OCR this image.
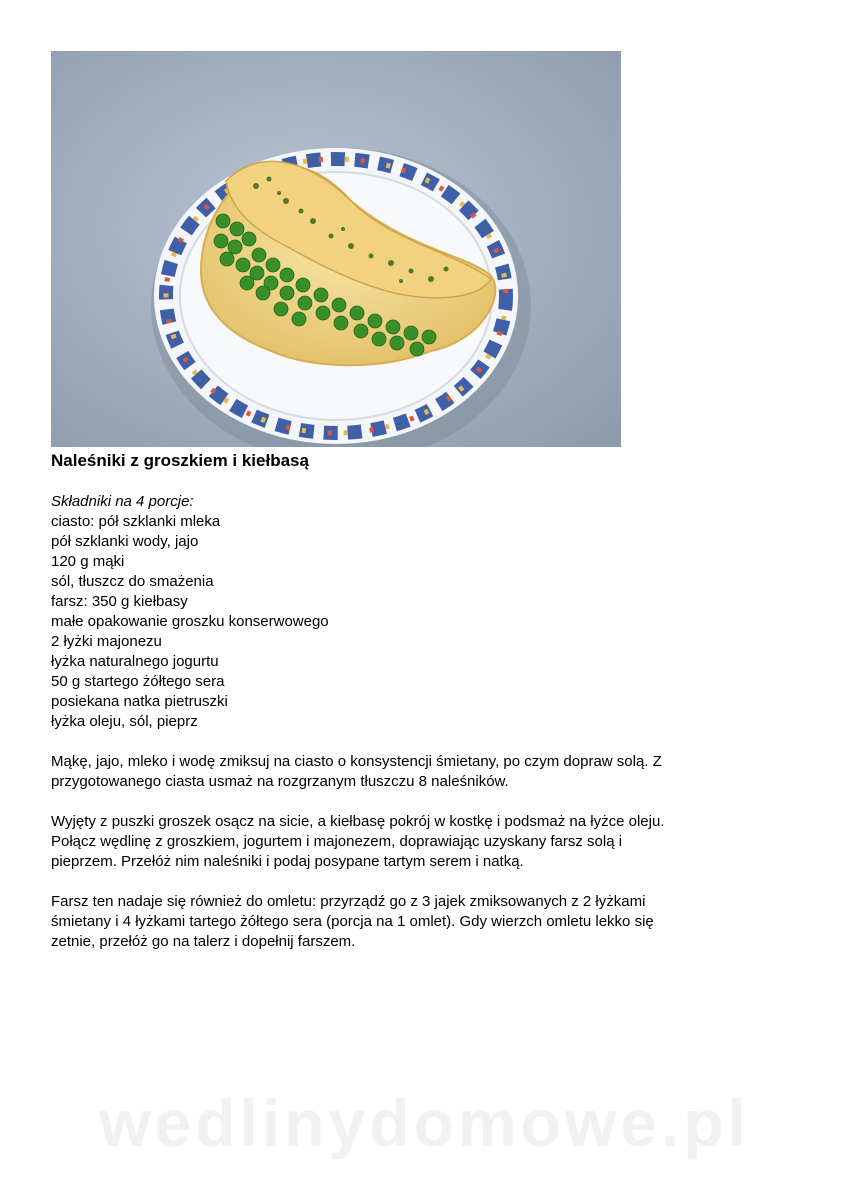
Naleśniki z groszkiem i kiełbasą
Składniki na 4 porcje:
ciasto: pół szklanki mleka
pół szklanki wody, jajo
120 g mąki
sól, tłuszcz do smażenia
farsz: 350 g kiełbasy
małe opakowanie groszku konserwowego
2 łyżki majonezu
łyżka naturalnego jogurtu
50 g startego żółtego sera
posiekana natka pietruszki
łyżka oleju, sól, pieprz

Mąkę, jajo, mleko i wodę zmiksuj na ciasto o konsystencji śmietany, po czym dopraw solą. Z
przygotowanego ciasta usmaż na rozgrzanym tłuszczu 8 naleśników.

Wyjęty z puszki groszek osącz na sicie, a kiełbasę pokrój w kostkę i podsmaż na łyżce oleju.
Połącz wędlinę z groszkiem, jogurtem i majonezem, doprawiając uzyskany farsz solą i
pieprzem. Przełóż nim naleśniki i podaj posypane tartym serem i natką.

Farsz ten nadaje się również do omletu: przyrządź go z 3 jajek zmiksowanych z 2 łyżkami
śmietany i 4 łyżkami tartego żółtego sera (porcja na 1 omlet). Gdy wierzch omletu lekko się
zetnie, przełóż go na talerz i dopełnij farszem.

wedlinydomowe.pl
